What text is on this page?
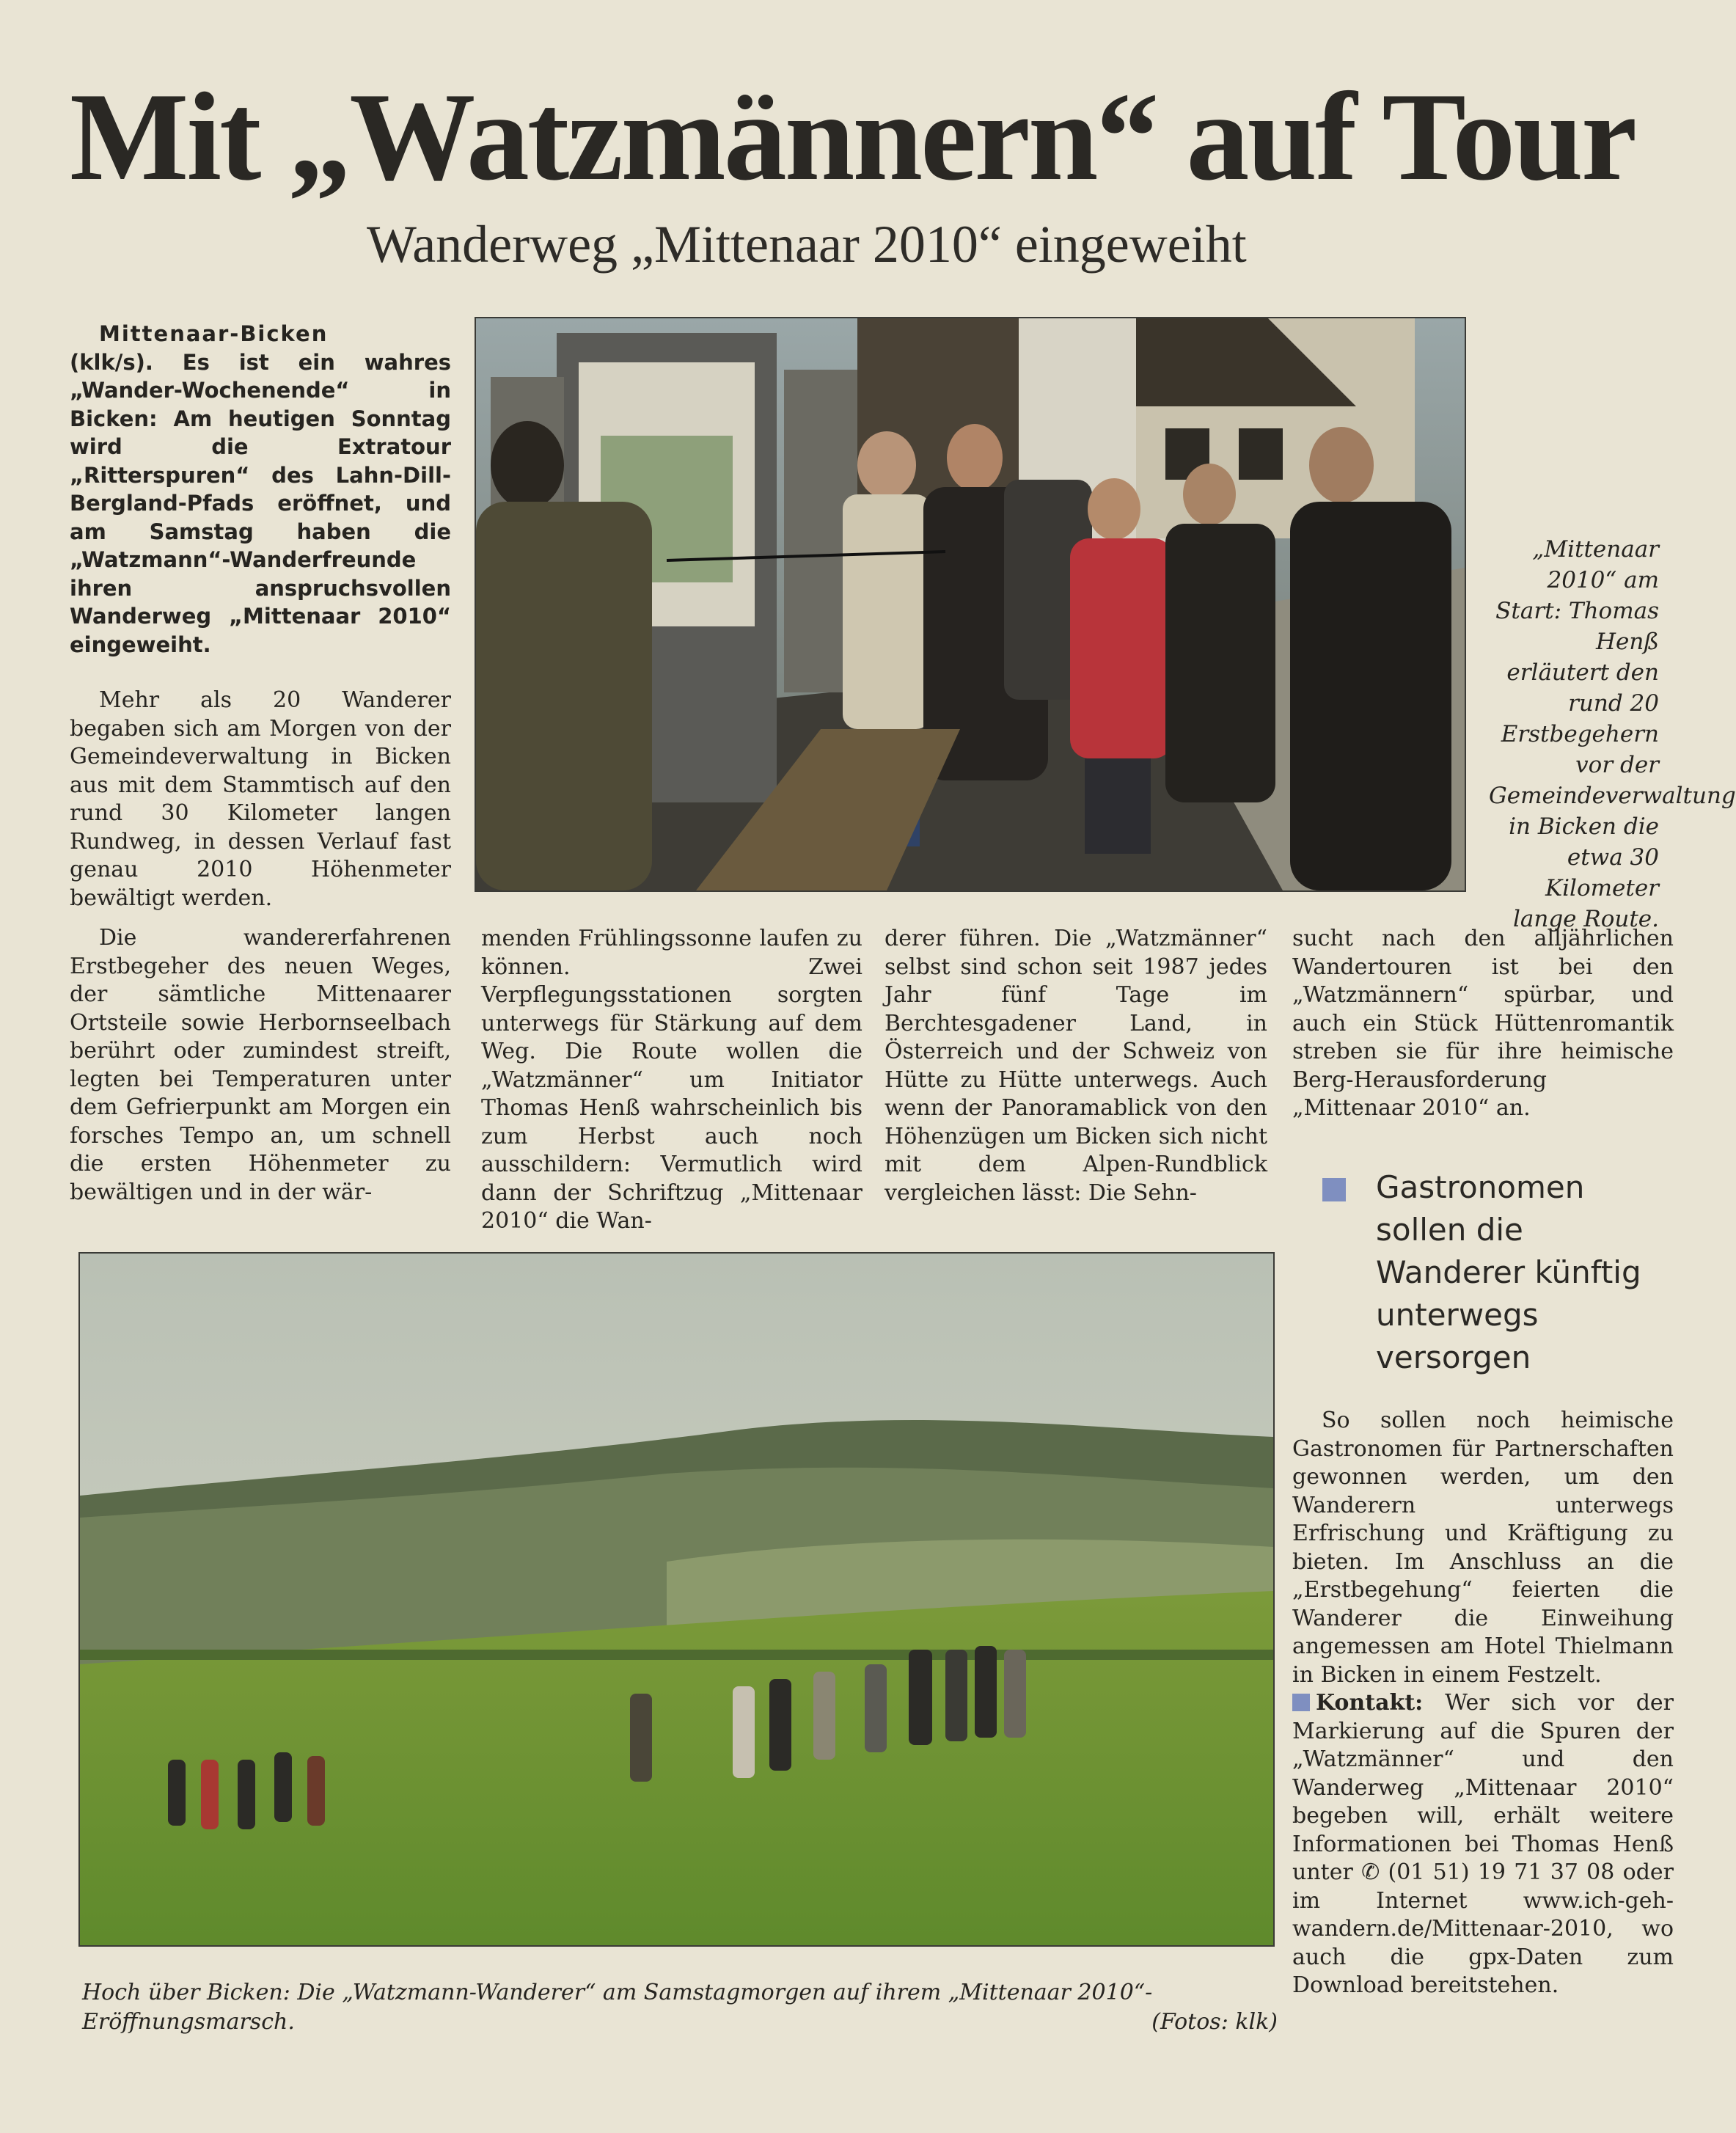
Mit „Watzmännern“ auf Tour
Wanderweg „Mittenaar 2010“ eingeweiht
Mittenaar-Bicken
(klk/s). Es ist ein wahres „Wander-Wochenende“ in Bicken: Am heutigen Sonntag wird die Extratour „Ritterspuren“ des Lahn-Dill-Bergland-Pfads eröffnet, und am Samstag haben die „Watzmann“-Wanderfreunde ihren anspruchsvollen Wanderweg „Mittenaar 2010“ eingeweiht.

Mehr als 20 Wanderer begaben sich am Morgen von der Gemeindeverwaltung in Bicken aus mit dem Stammtisch auf den rund 30 Kilometer langen Rundweg, in dessen Verlauf fast genau 2010 Höhenmeter bewältigt werden.

Die wandererfahrenen Erstbegeher des neuen Weges, der sämtliche Mittenaarer Ortsteile sowie Herbornseelbach berührt oder zumindest streift, legten bei Temperaturen unter dem Gefrierpunkt am Morgen ein forsches Tempo an, um schnell die ersten Höhenmeter zu bewältigen und in der wär-

„Mittenaar 2010“ am Start: Thomas Henß erläutert den rund 20 Erstbegehern vor der Gemeindeverwaltung in Bicken die etwa 30 Kilometer lange Route.

menden Frühlingssonne laufen zu können. Zwei Verpflegungsstationen sorgten unterwegs für Stärkung auf dem Weg. Die Route wollen die „Watzmänner“ um Initiator Thomas Henß wahrscheinlich bis zum Herbst auch noch ausschildern: Vermutlich wird dann der Schriftzug „Mittenaar 2010“ die Wan-

derer führen. Die „Watzmänner“ selbst sind schon seit 1987 jedes Jahr fünf Tage im Berchtesgadener Land, in Österreich und der Schweiz von Hütte zu Hütte unterwegs. Auch wenn der Panoramablick von den Höhenzügen um Bicken sich nicht mit dem Alpen-Rundblick vergleichen lässt: Die Sehn-

sucht nach den alljährlichen Wandertouren ist bei den „Watzmännern“ spürbar, und auch ein Stück Hüttenromantik streben sie für ihre heimische Berg-Herausforderung „Mittenaar 2010“ an.

Gastronomen sollen die Wanderer künftig unterwegs versorgen

So sollen noch heimische Gastronomen für Partnerschaften gewonnen werden, um den Wanderern unterwegs Erfrischung und Kräftigung zu bieten. Im Anschluss an die „Erstbegehung“ feierten die Wanderer die Einweihung angemessen am Hotel Thielmann in Bicken in einem Festzelt.

Kontakt: Wer sich vor der Markierung auf die Spuren der „Watzmänner“ und den Wanderweg „Mittenaar 2010“ begeben will, erhält weitere Informationen bei Thomas Henß unter ✆ (01 51) 19 71 37 08 oder im Internet www.ich-geh-wandern.de/Mittenaar-2010, wo auch die gpx-Daten zum Download bereitstehen.

Hoch über Bicken: Die „Watzmann-Wanderer“ am Samstagmorgen auf ihrem „Mittenaar 2010“-Eröffnungsmarsch.	(Fotos: klk)
